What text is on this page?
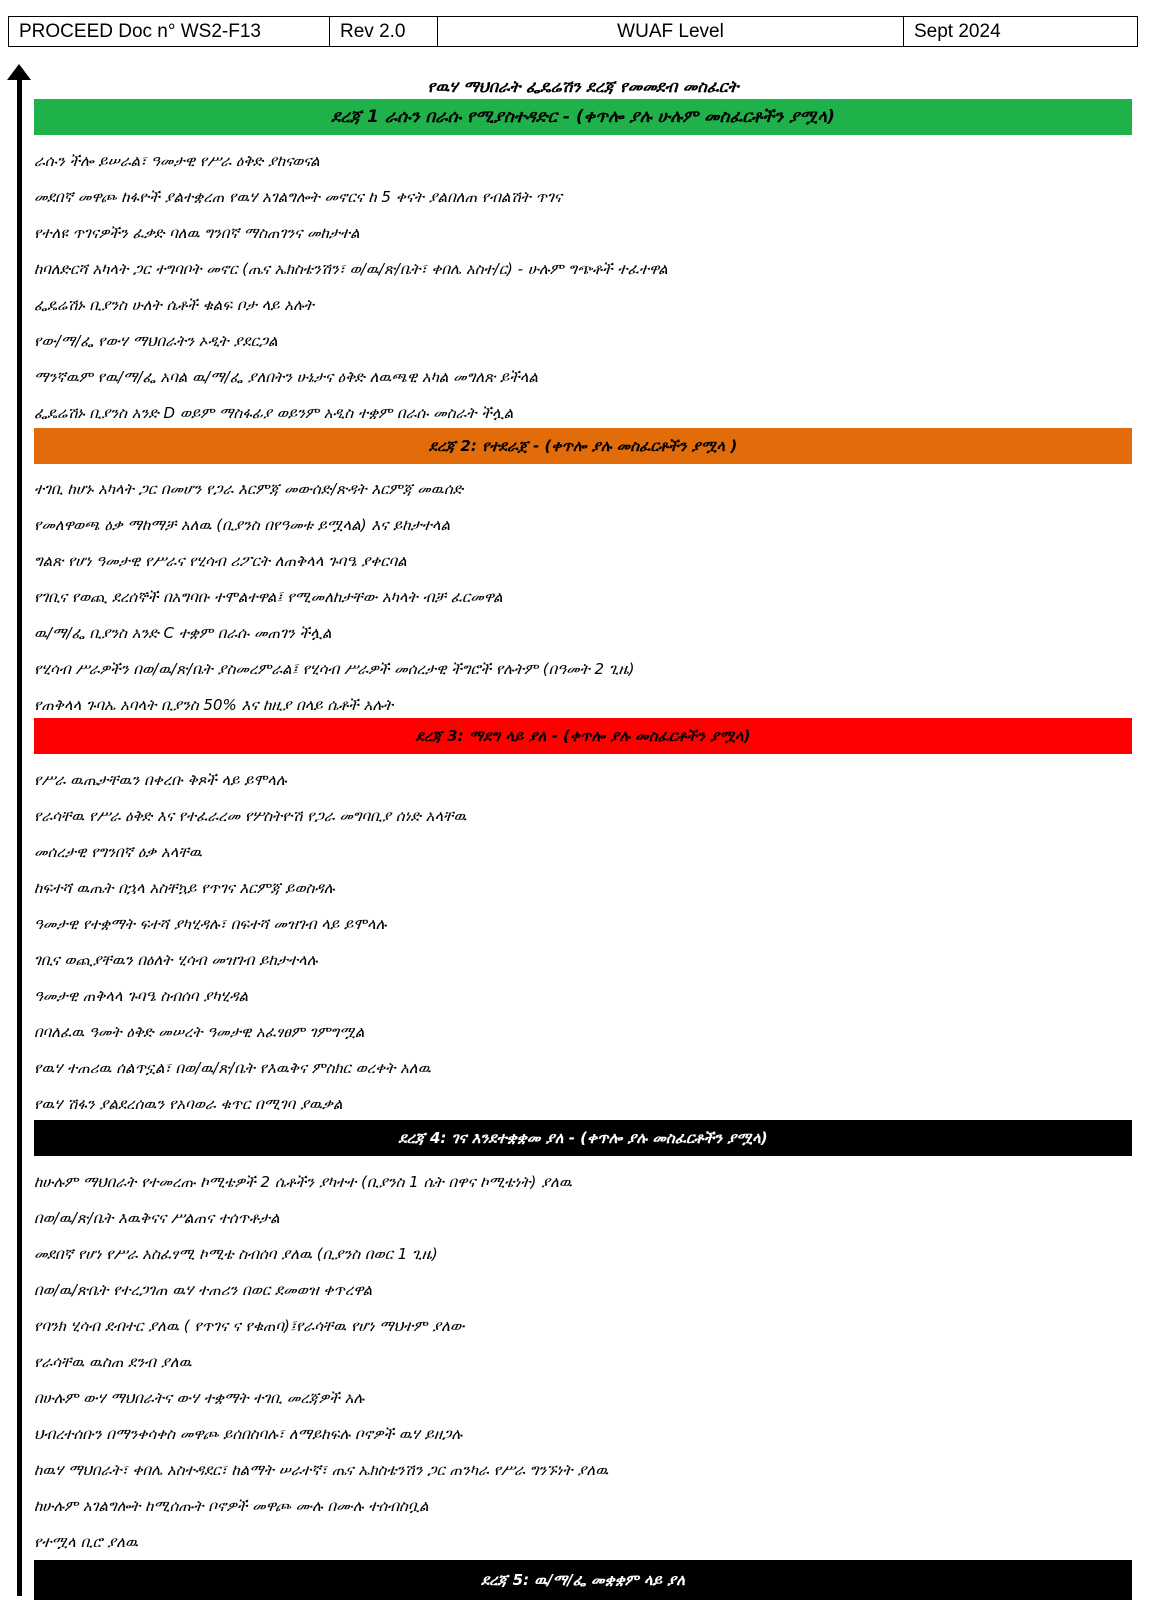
PROCEED Doc n° WS2-F13	Rev 2.0	WUAF Level	Sept 2024
የዉሃ ማህበራት ፌዴሬሽን ደረጃ የመመደብ መስፈርት
ደረጃ 1 ራሱን በራሱ የሚያስተዳድር - (ቀጥሎ ያሉ ሁሉም መስፈርቶችን ያሟላ)
ራሱን ችሎ ይሠራል፣ ዓመታዊ የሥራ ዕቅድ ያከናወናል
መደበኛ መዋጮ ከፋዮች ያልተቋረጠ የዉሃ አገልግሎት መኖርና ከ 5 ቀናት ያልበለጠ የብልሽት ጥገና
የተለዩ ጥገናዎችን ፈቃድ ባለዉ ግንበኛ ማስጠገንና መከታተል
ከባለድርሻ አካላት ጋር ተግባቦት መኖር (ጤና ኤክስቴንሽን፣ ወ/ዉ/ጽ/ቤት፣ ቀበሌ አስተ/ር) - ሁሉም ግጭቶች ተፈተዋል
ፌዴሬሽኑ ቢያንስ ሁለት ሴቶች ቁልፍ ቦታ ላይ አሉት
የው/ማ/ፌ የውሃ ማህበራትን ኦዲት ያደርጋል
ማንኛዉም የዉ/ማ/ፌ አባል ዉ/ማ/ፌ ያለበትን ሁኔታና ዕቅድ ለዉጫዊ አካል መግለጽ ይችላል
ፌዴሬሽኑ ቢያንስ አንድ D ወይም ማስፋፊያ ወይንም አዲስ ተቋም በራሱ መስራት ችሏል
ደረጃ 2: የተደራጀ - (ቀጥሎ ያሉ መስፈርቶችን ያሟላ )
ተገቢ ከሆኑ አካላት ጋር በመሆን የጋራ እርምጃ መውሰድ/ጽዳት እርምጃ መዉሰድ
የመለዋወጫ ዕቃ ማከማቻ አለዉ (ቢያንስ በየዓመቱ ይሟላል) እና ይከታተላል
ግልጽ የሆነ ዓመታዊ የሥራና የሂሳብ ሪፖርት ለጠቅላላ ጉባዔ ያቀርባል
የገቢና የወጪ ደረሰኞች በአግባቡ ተሞልተዋል፤ የሚመለከታቸው አካላት ብቻ ፈርመዋል
ዉ/ማ/ፌ ቢያንስ አንድ C ተቋም በራሱ መጠገን ችሏል
የሂሳብ ሥራዎችን በወ/ዉ/ጽ/ቤት ያስመረምራል፤ የሂሳብ ሥራዎች መሰረታዊ ችግሮች የሉትም (በዓመት 2 ጊዜ)
የጠቅላላ ጉባኤ አባላት ቢያንስ 50% እና ከዚያ በላይ ሴቶች አሉት
ደረጃ 3: ማደግ ላይ ያለ - (ቀጥሎ ያሉ መስፈርቶችን ያሟላ)
የሥራ ዉጤታቸዉን በቀረቡ ቅጾች ላይ ይሞላሉ
የራሳቸዉ የሥራ ዕቅድ እና የተፈራረመ የሦስትዮሽ የጋራ መግባቢያ ሰነድ አላቸዉ
መሰረታዊ የግንበኛ ዕቃ አላቸዉ
ከፍተሻ ዉጤት በኋላ አስቸኳይ የጥገና እርምጃ ይወስዳሉ
ዓመታዊ የተቋማት ፍተሻ ያካሂዳሉ፣ በፍተሻ መዝገብ ላይ ይሞላሉ
ገቢና ወጪያቸዉን በዕለት ሂሳብ መዝገብ ይከታተላሉ
ዓመታዊ ጠቅላላ ጉባዔ ስብሰባ ያካሂዳል
በባለፈዉ ዓመት ዕቅድ መሠረት ዓመታዊ አፈፃፀም ገምግሟል
የዉሃ ተጠሪዉ ሰልጥኗል፣ በወ/ዉ/ጽ/ቤት የእዉቅና ምስክር ወረቀት አለዉ
የዉሃ ሽፋን ያልደረሰዉን የአባወራ ቁጥር በሚገባ ያዉቃል
ደረጃ 4: ገና እንደተቋቋመ ያለ - (ቀጥሎ ያሉ መስፈርቶችን ያሟላ)
ከሁሉም ማህበራት የተመረጡ ኮሚቴዎች 2 ሴቶችን ያካተተ (ቢያንስ 1 ሴት በዋና ኮሚቴነት) ያለዉ
በወ/ዉ/ጽ/ቤት እዉቅናና ሥልጠና ተሰጥቶታል
መደበኛ የሆነ የሥራ አስፈፃሚ ኮሚቴ ስብሰባ ያለዉ (ቢያንስ በወር 1 ጊዜ)
በወ/ዉ/ጽቤት የተረጋገጠ ዉሃ ተጠሪን በወር ደመወዝ ቀጥረዋል
የባንክ ሂሳብ ደብተር ያለዉ ( የጥገና ና የቁጠባ)፤የራሳቸዉ የሆነ ማህተም ያለው
የራሳቸዉ ዉስጠ ደንብ ያለዉ
በሁሉም ውሃ ማህበራትና ውሃ ተቋማት ተገቢ መረጃዎች አሉ
ህብረተሰቡን በማንቀሳቀስ መዋጮ ይሰበስባሉ፣ ለማይከፍሉ ቦኖዎች ዉሃ ይዘጋሉ
ከዉሃ ማህበራት፣ ቀበሌ አስተዳደር፣ ከልማት ሠራተኛ፣ ጤና ኤክስቴንሽን ጋር ጠንካራ የሥራ ግንኙነት ያለዉ
ከሁሉም አገልግሎት ከሚሰጡት ቦኖዎች መዋጮ ሙሉ በሙሉ ተሰብስቧል
የተሟላ ቢሮ ያለዉ
ደረጃ 5: ዉ/ማ/ፌ መቋቋም ላይ ያለ
